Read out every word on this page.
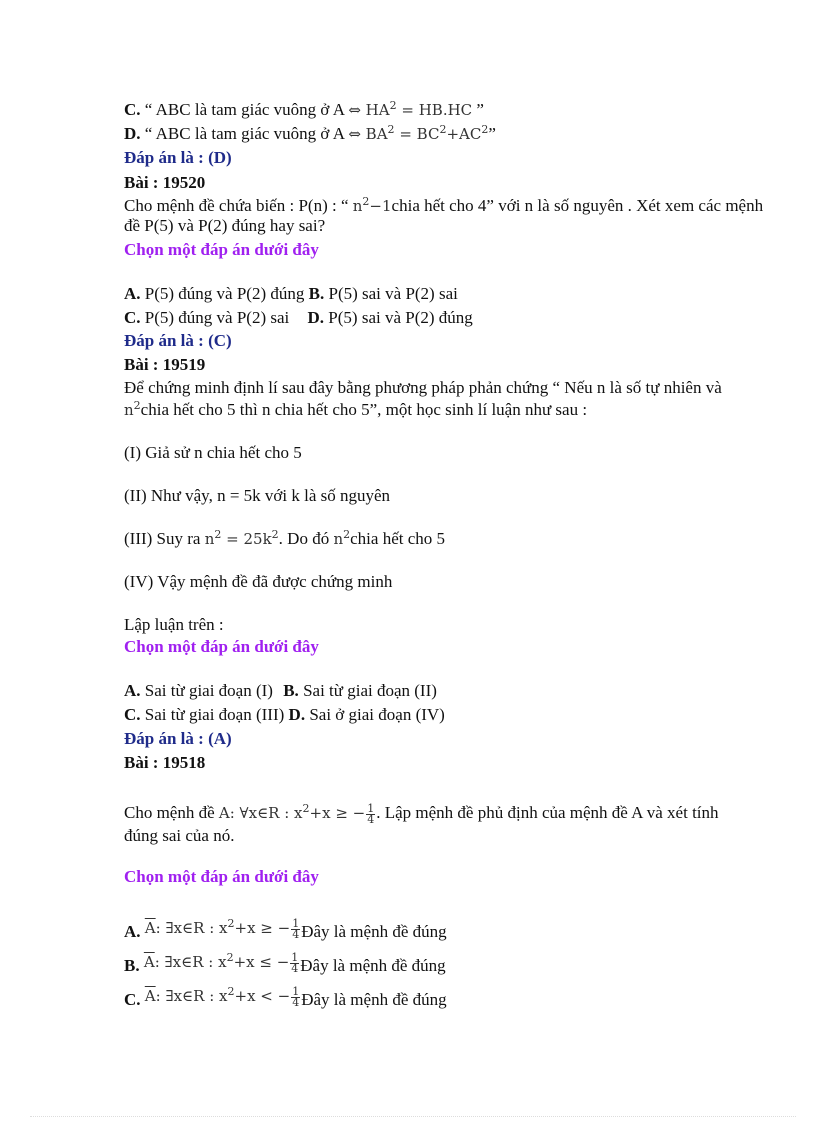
C. “ ABC là tam giác vuông ở A ⇔ $HA^2 = HB.HC$ ”
D. “ ABC là tam giác vuông ở A ⇔ $BA^2 = BC^2+AC^2$”
Đáp án là : (D)
Bài : 19520
Cho mệnh đề chứa biến : P(n) : “ $n^2-1chia$ hết cho 4” với n là số nguyên . Xét xem các mệnh
đề P(5) và P(2) đúng hay sai?
Chọn một đáp án dưới đây
A. P(5) đúng và P(2) đúng B. P(5) sai và P(2) sai
C. P(5) đúng và P(2) sai D. P(5) sai và P(2) đúng
Đáp án là : (C)
Bài : 19519
Để chứng minh định lí sau đây bằng phương pháp phản chứng “ Nếu n là số tự nhiên và
$n^2chia$ hết cho 5 thì n chia hết cho 5”, một học sinh lí luận như sau :
(I) Giả sử n chia hết cho 5
(II) Như vậy, n = 5k với k là số nguyên
(III) Suy ra $n^2 = 25k^2$. Do đó $n^2chia$ hết cho 5
(IV) Vậy mệnh đề đã được chứng minh
Lập luận trên :
Chọn một đáp án dưới đây
A. Sai từ giai đoạn (I) B. Sai từ giai đoạn (II)
C. Sai từ giai đoạn (III) D. Sai ở giai đoạn (IV)
Đáp án là : (A)
Bài : 19518
Cho mệnh đề A: ∀x∈R : $x^2+x$ ≥ − $\frac{1}{4}$ . Lập mệnh đề phủ định của mệnh đề A và xét tính
đúng sai của nó.
Chọn một đáp án dưới đây
A. $\overline{A}$: ∃x∈R : $x^2+x$ ≥ − $\frac{1}{4}$ Đây là mệnh đề đúng
B. $\overline{A}$: ∃x∈R : $x^2+x$ ≤ − $\frac{1}{4}$ Đây là mệnh đề đúng
C. $\overline{A}$: ∃x∈R : $x^2+x$ < − $\frac{1}{4}$ Đây là mệnh đề đúng
